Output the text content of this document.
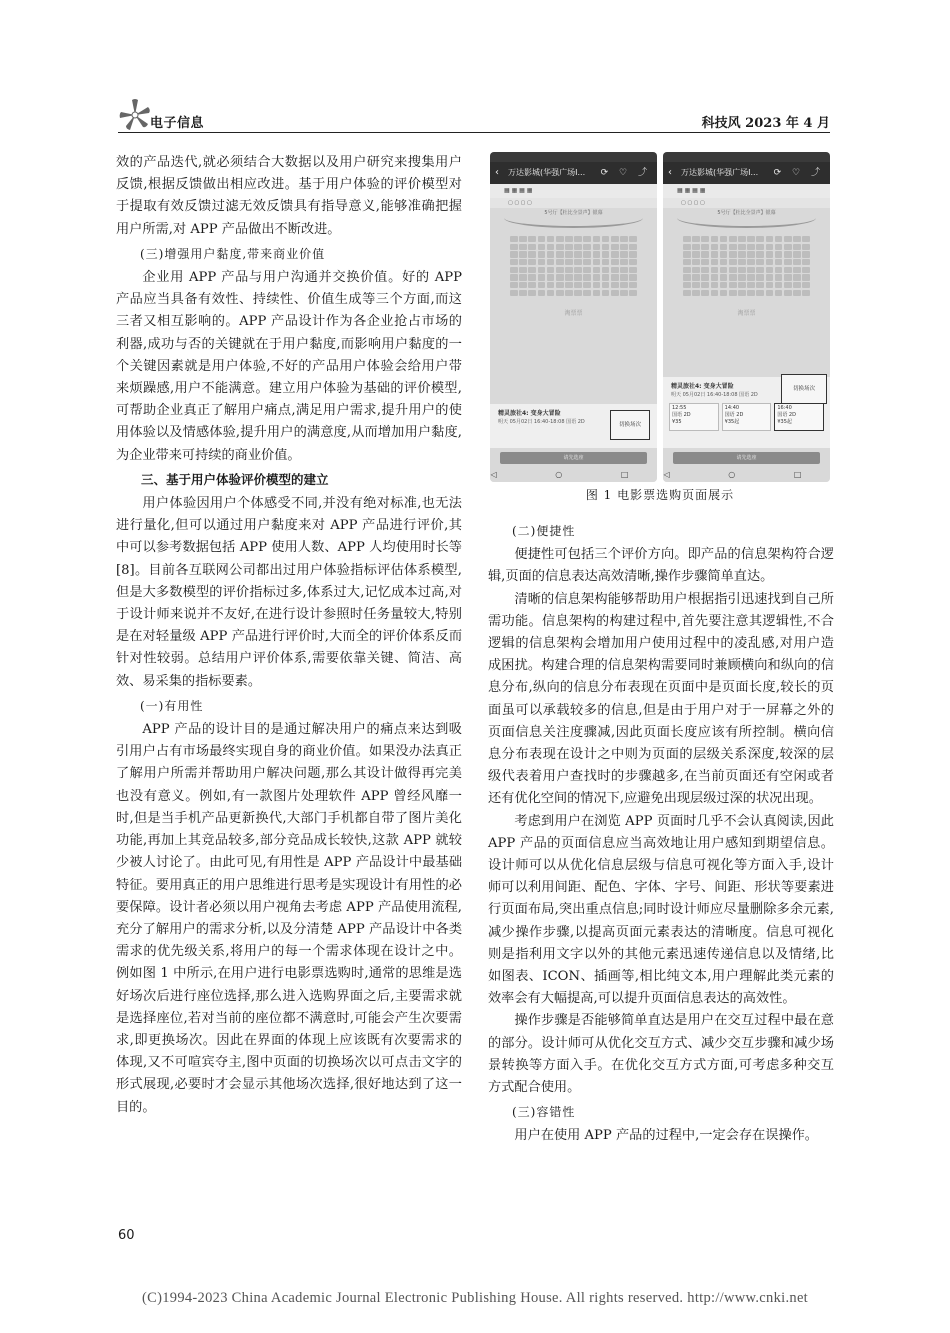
电子信息	科技风 2023 年 4 月

效的产品迭代,就必须结合大数据以及用户研究来搜集用户反馈,根据反馈做出相应改进。基于用户体验的评价模型对于提取有效反馈过滤无效反馈具有指导意义,能够准确把握用户所需,对 APP 产品做出不断改进。

(三)增强用户黏度,带来商业价值

企业用 APP 产品与用户沟通并交换价值。好的 APP 产品应当具备有效性、持续性、价值生成等三个方面,而这三者又相互影响的。APP 产品设计作为各企业抢占市场的利器,成功与否的关键就在于用户黏度,而影响用户黏度的一个关键因素就是用户体验,不好的产品用户体验会给用户带来烦躁感,用户不能满意。建立用户体验为基础的评价模型,可帮助企业真正了解用户痛点,满足用户需求,提升用户的使用体验以及情感体验,提升用户的满意度,从而增加用户黏度,为企业带来可持续的商业价值。

三、基于用户体验评价模型的建立

用户体验因用户个体感受不同,并没有绝对标准,也无法进行量化,但可以通过用户黏度来对 APP 产品进行评价,其中可以参考数据包括 APP 使用人数、APP 人均使用时长等[8]。目前各互联网公司都出过用户体验指标评估体系模型,但是大多数模型的评价指标过多,体系过大,记忆成本过高,对于设计师来说并不友好,在进行设计参照时任务量较大,特别是在对轻量级 APP 产品进行评价时,大而全的评价体系反而针对性较弱。总结用户评价体系,需要依靠关键、简洁、高效、易采集的指标要素。

(一)有用性

APP 产品的设计目的是通过解决用户的痛点来达到吸引用户占有市场最终实现自身的商业价值。如果没办法真正了解用户所需并帮助用户解决问题,那么其设计做得再完美也没有意义。例如,有一款图片处理软件 APP 曾经风靡一时,但是当手机产品更新换代,大部门手机都自带了图片美化功能,再加上其竞品较多,部分竞品成长较快,这款 APP 就较少被人讨论了。由此可见,有用性是 APP 产品设计中最基础特征。要用真正的用户思维进行思考是实现设计有用性的必要保障。设计者必须以用户视角去考虑 APP 产品使用流程,充分了解用户的需求分析,以及分清楚 APP 产品设计中各类需求的优先级关系,将用户的每一个需求体现在设计之中。例如图 1 中所示,在用户进行电影票选购时,通常的思维是选好场次后进行座位选择,那么进入选购界面之后,主要需求就是选择座位,若对当前的座位都不满意时,可能会产生次要需求,即更换场次。因此在界面的体现上应该既有次要需求的体现,又不可喧宾夺主,图中页面的切换场次以可点击文字的形式展现,必要时才会显示其他场次选择,很好地达到了这一目的。

‹ 万达影城(华强广场I... ⟳ ♡ ⤴
▦ ▦ ▦ ▦
▢ ▢ ▢ ▢
5号厅【杜比全景声】银幕
淘票票
精灵旅社4: 变身大冒险
明天 05月02日 16:40-18:08 国语 2D	切换场次
请先选座
◁ ○ □
‹ 万达影城(华强广场I... ⟳ ♡ ⤴
▦ ▦ ▦ ▦
▢ ▢ ▢ ▢
5号厅【杜比全景声】银幕
淘票票
精灵旅社4: 变身大冒险
明天 05月02日 16:40-18:08 国语 2D
12:55
国语 2D
¥35
14:40
国语 2D
¥35起
16:40
国语 2D
¥35起
切换场次
请先选座
◁ ○ □
图 1 电影票选购页面展示

(二)便捷性

便捷性可包括三个评价方向。即产品的信息架构符合逻辑,页面的信息表达高效清晰,操作步骤简单直达。

清晰的信息架构能够帮助用户根据指引迅速找到自己所需功能。信息架构的构建过程中,首先要注意其逻辑性,不合逻辑的信息架构会增加用户使用过程中的凌乱感,对用户造成困扰。构建合理的信息架构需要同时兼顾横向和纵向的信息分布,纵向的信息分布表现在页面中是页面长度,较长的页面虽可以承载较多的信息,但是由于用户对于一屏幕之外的页面信息关注度骤减,因此页面长度应该有所控制。横向信息分布表现在设计之中则为页面的层级关系深度,较深的层级代表着用户查找时的步骤越多,在当前页面还有空闲或者还有优化空间的情况下,应避免出现层级过深的状况出现。

考虑到用户在浏览 APP 页面时几乎不会认真阅读,因此 APP 产品的页面信息应当高效地让用户感知到期望信息。设计师可以从优化信息层级与信息可视化等方面入手,设计师可以利用间距、配色、字体、字号、间距、形状等要素进行页面布局,突出重点信息;同时设计师应尽量删除多余元素,减少操作步骤,以提高页面元素表达的清晰度。信息可视化则是指利用文字以外的其他元素迅速传递信息以及情绪,比如图表、ICON、插画等,相比纯文本,用户理解此类元素的效率会有大幅提高,可以提升页面信息表达的高效性。

操作步骤是否能够简单直达是用户在交互过程中最在意的部分。设计师可从优化交互方式、减少交互步骤和减少场景转换等方面入手。在优化交互方式方面,可考虑多种交互方式配合使用。

(三)容错性

用户在使用 APP 产品的过程中,一定会存在误操作。

60
(C)1994-2023 China Academic Journal Electronic Publishing House. All rights reserved. http://www.cnki.net
